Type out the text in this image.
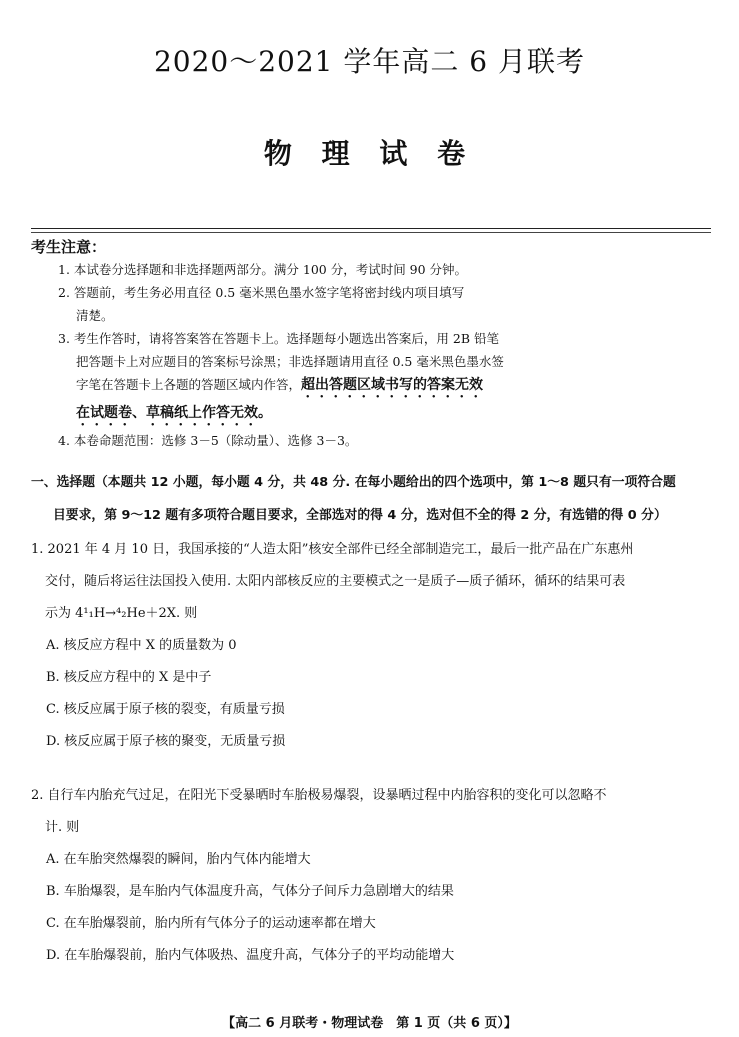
2020～2021 学年高二 6 月联考
物 理 试 卷
考生注意：

1. 本试卷分选择题和非选择题两部分。满分 100 分，考试时间 90 分钟。

2. 答题前，考生务必用直径 0.5 毫米黑色墨水签字笔将密封线内项目填写

清楚。

3. 考生作答时，请将答案答在答题卡上。选择题每小题选出答案后，用 2B 铅笔

把答题卡上对应题目的答案标号涂黑；非选择题请用直径 0.5 毫米黑色墨水签

字笔在答题卡上各题的答题区域内作答，超出答题区域书写的答案无效

在试题卷、草稿纸上作答无效。

4. 本卷命题范围：选修 3－5（除动量）、选修 3－3。

一、选择题（本题共 12 小题，每小题 4 分，共 48 分. 在每小题给出的四个选项中，第 1～8 题只有一项符合题

目要求，第 9～12 题有多项符合题目要求，全部选对的得 4 分，选对但不全的得 2 分，有选错的得 0 分）

1. 2021 年 4 月 10 日，我国承接的“人造太阳”核安全部件已经全部制造完工，最后一批产品在广东惠州

交付，随后将运往法国投入使用. 太阳内部核反应的主要模式之一是质子—质子循环，循环的结果可表

示为 4¹₁H→⁴₂He＋2X. 则

A. 核反应方程中 X 的质量数为 0

B. 核反应方程中的 X 是中子

C. 核反应属于原子核的裂变，有质量亏损

D. 核反应属于原子核的聚变，无质量亏损

2. 自行车内胎充气过足，在阳光下受暴晒时车胎极易爆裂，设暴晒过程中内胎容积的变化可以忽略不

计. 则

A. 在车胎突然爆裂的瞬间，胎内气体内能增大

B. 车胎爆裂，是车胎内气体温度升高，气体分子间斥力急剧增大的结果

C. 在车胎爆裂前，胎内所有气体分子的运动速率都在增大

D. 在车胎爆裂前，胎内气体吸热、温度升高，气体分子的平均动能增大

【高二 6 月联考・物理试卷　第 1 页（共 6 页）】
